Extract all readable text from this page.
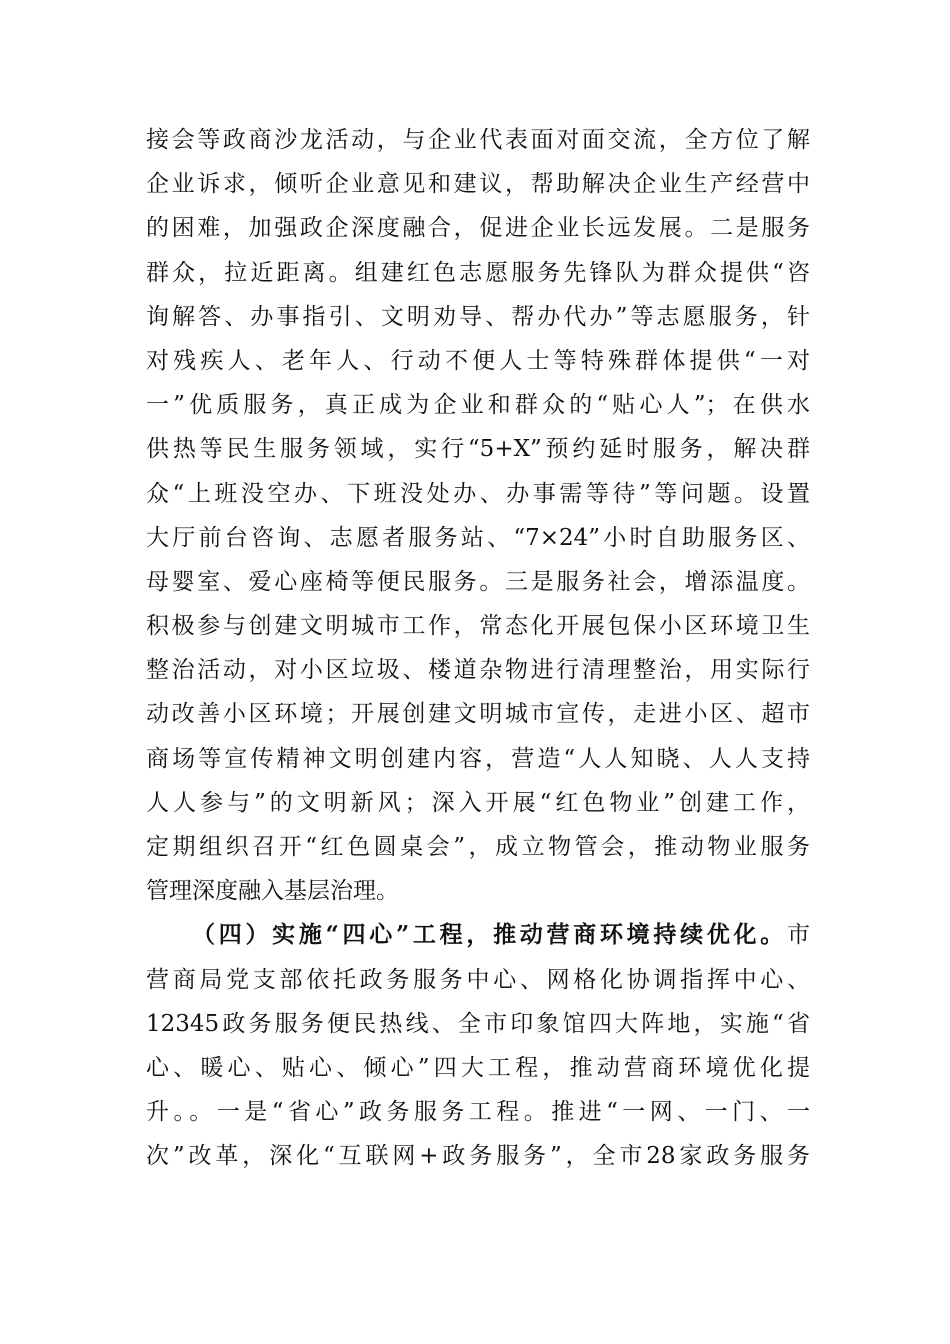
接会等政商沙龙活动，与企业代表面对面交流，全方位了解
企业诉求，倾听企业意见和建议，帮助解决企业生产经营中
的困难，加强政企深度融合，促进企业长远发展。二是服务
群众，拉近距离。组建红色志愿服务先锋队为群众提供“咨
询解答、办事指引、文明劝导、帮办代办”等志愿服务，针
对残疾人、老年人、行动不便人士等特殊群体提供“一对
一”优质服务，真正成为企业和群众的“贴心人”；在供水
供热等民生服务领域，实行“5+X”预约延时服务，解决群
众“上班没空办、下班没处办、办事需等待”等问题。设置
大厅前台咨询、志愿者服务站、“7×24”小时自助服务区、
母婴室、爱心座椅等便民服务。三是服务社会，增添温度。
积极参与创建文明城市工作，常态化开展包保小区环境卫生
整治活动，对小区垃圾、楼道杂物进行清理整治，用实际行
动改善小区环境；开展创建文明城市宣传，走进小区、超市
商场等宣传精神文明创建内容，营造“人人知晓、人人支持
人人参与”的文明新风；深入开展“红色物业”创建工作，
定期组织召开“红色圆桌会”，成立物管会，推动物业服务
管理深度融入基层治理。
（四）实施“四心”工程，推动营商环境持续优化。市
营商局党支部依托政务服务中心、网格化协调指挥中心、
12345政务服务便民热线、全市印象馆四大阵地，实施“省
心、暖心、贴心、倾心”四大工程，推动营商环境优化提
升。。一是“省心”政务服务工程。推进“一网、一门、一
次”改革，深化“互联网+政务服务”，全市28家政务服务
